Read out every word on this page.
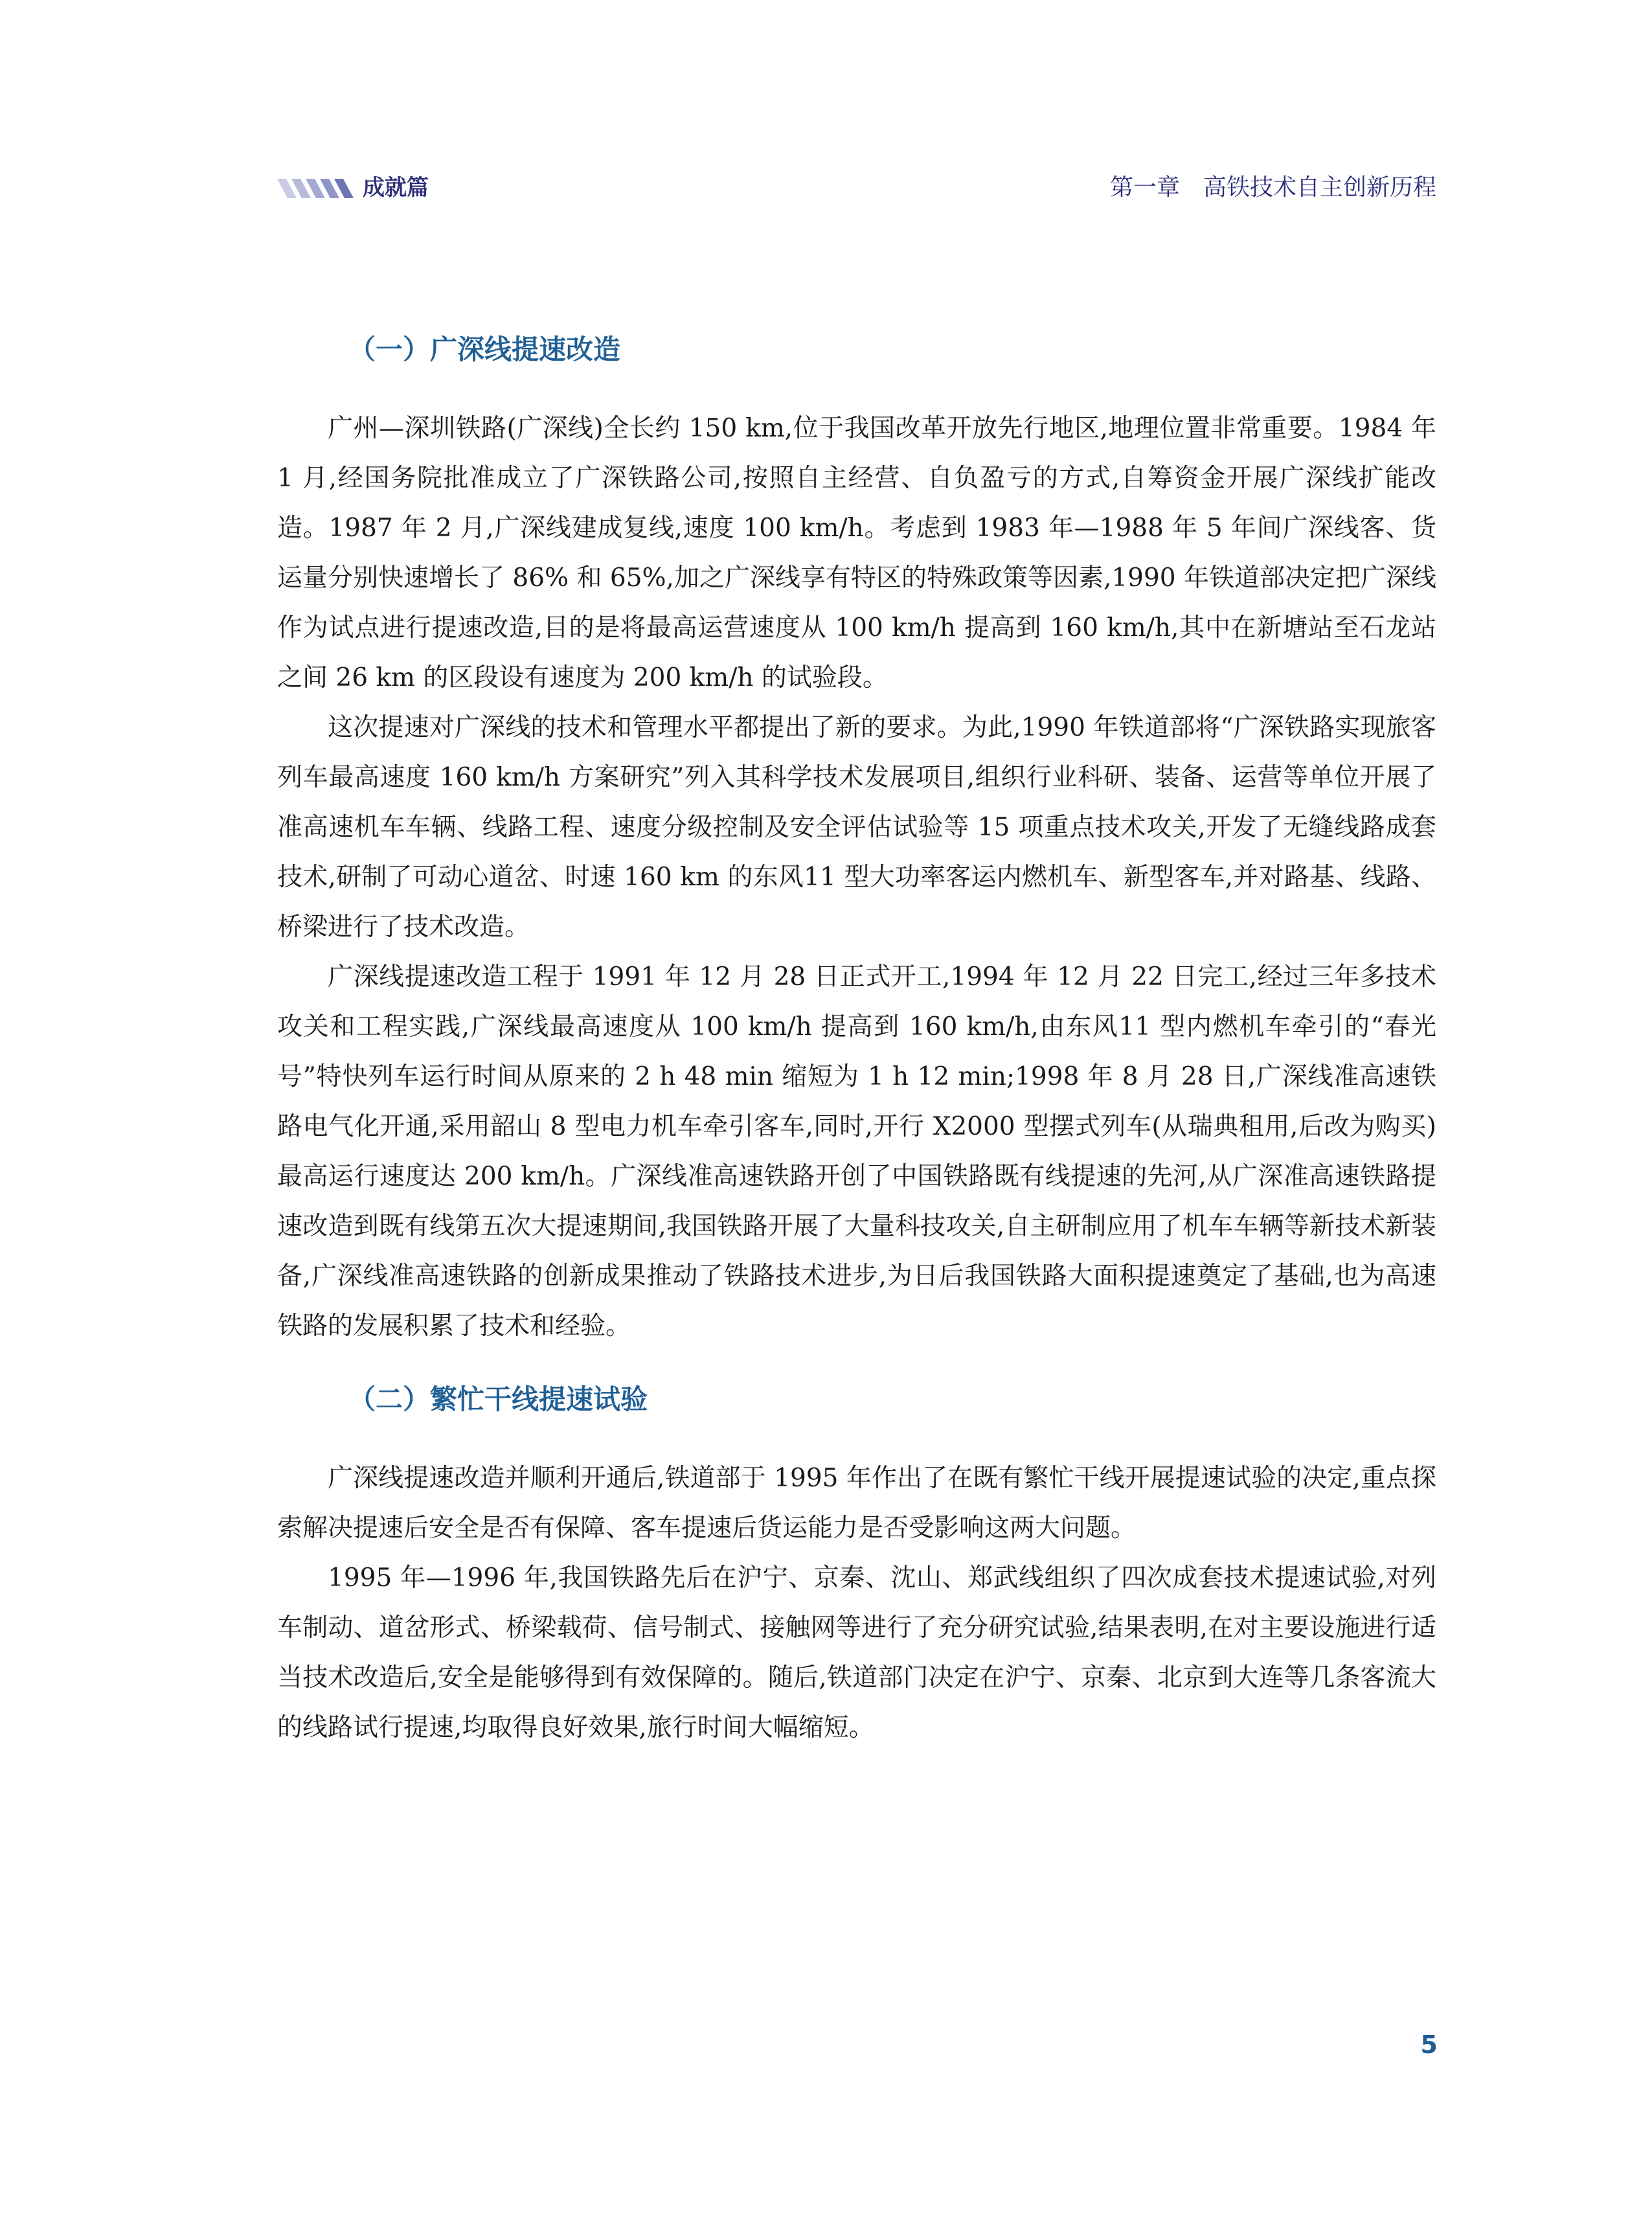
成就篇	第一章　高铁技术自主创新历程
（一）广深线提速改造

广州—深圳铁路(广深线)全长约 150 km,位于我国改革开放先行地区,地理位置非常重要。1984 年 1 月,经国务院批准成立了广深铁路公司,按照自主经营、自负盈亏的方式,自筹资金开展广深线扩能改造。1987 年 2 月,广深线建成复线,速度 100 km/h。考虑到 1983 年—1988 年 5 年间广深线客、货运量分别快速增长了 86% 和 65%,加之广深线享有特区的特殊政策等因素,1990 年铁道部决定把广深线作为试点进行提速改造,目的是将最高运营速度从 100 km/h 提高到 160 km/h,其中在新塘站至石龙站之间 26 km 的区段设有速度为 200 km/h 的试验段。

这次提速对广深线的技术和管理水平都提出了新的要求。为此,1990 年铁道部将“广深铁路实现旅客列车最高速度 160 km/h 方案研究”列入其科学技术发展项目,组织行业科研、装备、运营等单位开展了准高速机车车辆、线路工程、速度分级控制及安全评估试验等 15 项重点技术攻关,开发了无缝线路成套技术,研制了可动心道岔、时速 160 km 的东风11 型大功率客运内燃机车、新型客车,并对路基、线路、桥梁进行了技术改造。

广深线提速改造工程于 1991 年 12 月 28 日正式开工,1994 年 12 月 22 日完工,经过三年多技术攻关和工程实践,广深线最高速度从 100 km/h 提高到 160 km/h,由东风11 型内燃机车牵引的“春光号”特快列车运行时间从原来的 2 h 48 min 缩短为 1 h 12 min;1998 年 8 月 28 日,广深线准高速铁路电气化开通,采用韶山 8 型电力机车牵引客车,同时,开行 X2000 型摆式列车(从瑞典租用,后改为购买)最高运行速度达 200 km/h。广深线准高速铁路开创了中国铁路既有线提速的先河,从广深准高速铁路提速改造到既有线第五次大提速期间,我国铁路开展了大量科技攻关,自主研制应用了机车车辆等新技术新装备,广深线准高速铁路的创新成果推动了铁路技术进步,为日后我国铁路大面积提速奠定了基础,也为高速铁路的发展积累了技术和经验。

（二）繁忙干线提速试验

广深线提速改造并顺利开通后,铁道部于 1995 年作出了在既有繁忙干线开展提速试验的决定,重点探索解决提速后安全是否有保障、客车提速后货运能力是否受影响这两大问题。

1995 年—1996 年,我国铁路先后在沪宁、京秦、沈山、郑武线组织了四次成套技术提速试验,对列车制动、道岔形式、桥梁载荷、信号制式、接触网等进行了充分研究试验,结果表明,在对主要设施进行适当技术改造后,安全是能够得到有效保障的。随后,铁道部门决定在沪宁、京秦、北京到大连等几条客流大的线路试行提速,均取得良好效果,旅行时间大幅缩短。

5
